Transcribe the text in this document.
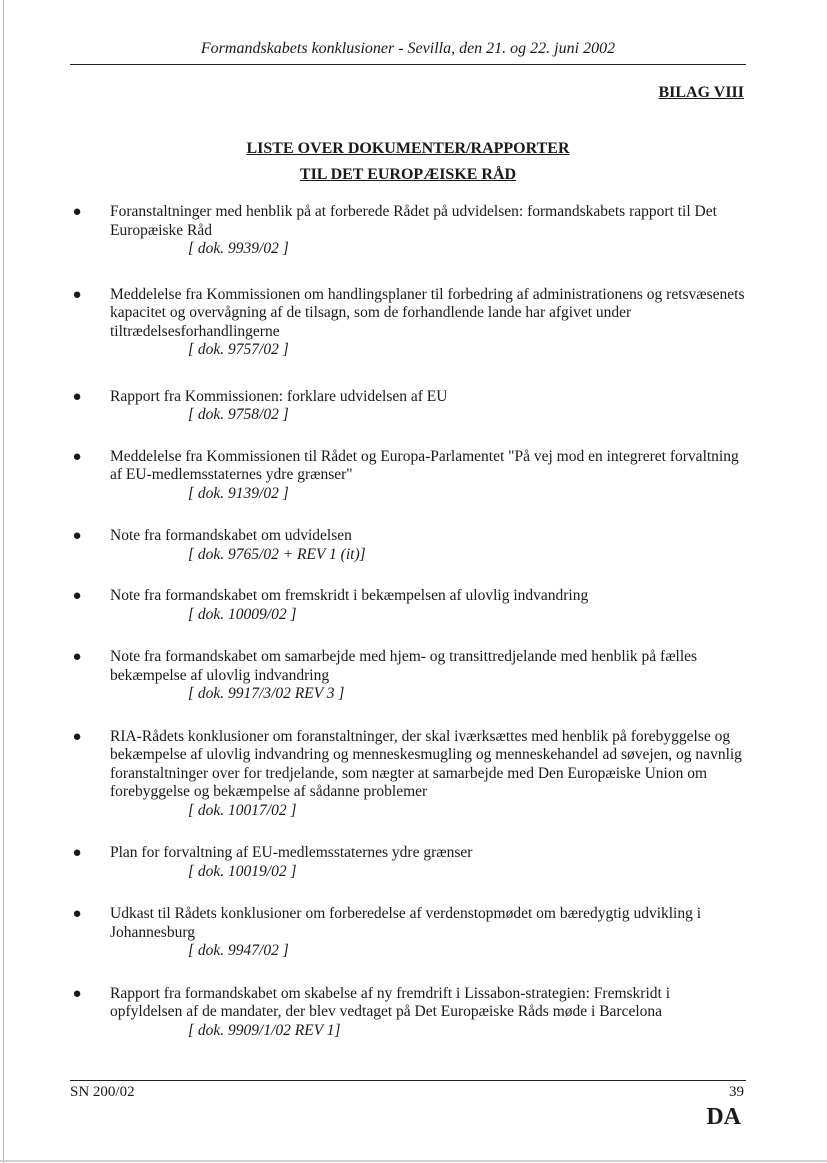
Formandskabets konklusioner - Sevilla, den 21. og 22. juni 2002
BILAG VIII
LISTE OVER DOKUMENTER/RAPPORTER
TIL DET EUROPÆISKE RÅD
● Foranstaltninger med henblik på at forberede Rådet på udvidelsen: formandskabets rapport til Det Europæiske Råd
[ dok. 9939/02 ]
● Meddelelse fra Kommissionen om handlingsplaner til forbedring af administrationens og retsvæsenets kapacitet og overvågning af de tilsagn, som de forhandlende lande har afgivet under tiltrædelsesforhandlingerne
[ dok. 9757/02 ]
● Rapport fra Kommissionen: forklare udvidelsen af EU
[ dok. 9758/02 ]
● Meddelelse fra Kommissionen til Rådet og Europa-Parlamentet "På vej mod en integreret forvaltning af EU-medlemsstaternes ydre grænser"
[ dok. 9139/02 ]
● Note fra formandskabet om udvidelsen
[ dok. 9765/02 + REV 1 (it)]
● Note fra formandskabet om fremskridt i bekæmpelsen af ulovlig indvandring
[ dok. 10009/02 ]
● Note fra formandskabet om samarbejde med hjem- og transittredjelande med henblik på fælles bekæmpelse af ulovlig indvandring
[ dok. 9917/3/02 REV 3 ]
● RIA-Rådets konklusioner om foranstaltninger, der skal iværksættes med henblik på forebyggelse og bekæmpelse af ulovlig indvandring og menneskesmugling og menneskehandel ad søvejen, og navnlig foranstaltninger over for tredjelande, som nægter at samarbejde med Den Europæiske Union om forebyggelse og bekæmpelse af sådanne problemer
[ dok. 10017/02 ]
● Plan for forvaltning af EU-medlemsstaternes ydre grænser
[ dok. 10019/02 ]
● Udkast til Rådets konklusioner om forberedelse af verdenstopmødet om bæredygtig udvikling i Johannesburg
[ dok. 9947/02 ]
● Rapport fra formandskabet om skabelse af ny fremdrift i Lissabon-strategien: Fremskridt i opfyldelsen af de mandater, der blev vedtaget på Det Europæiske Råds møde i Barcelona
[ dok. 9909/1/02 REV 1]
SN 200/02	39
DA
